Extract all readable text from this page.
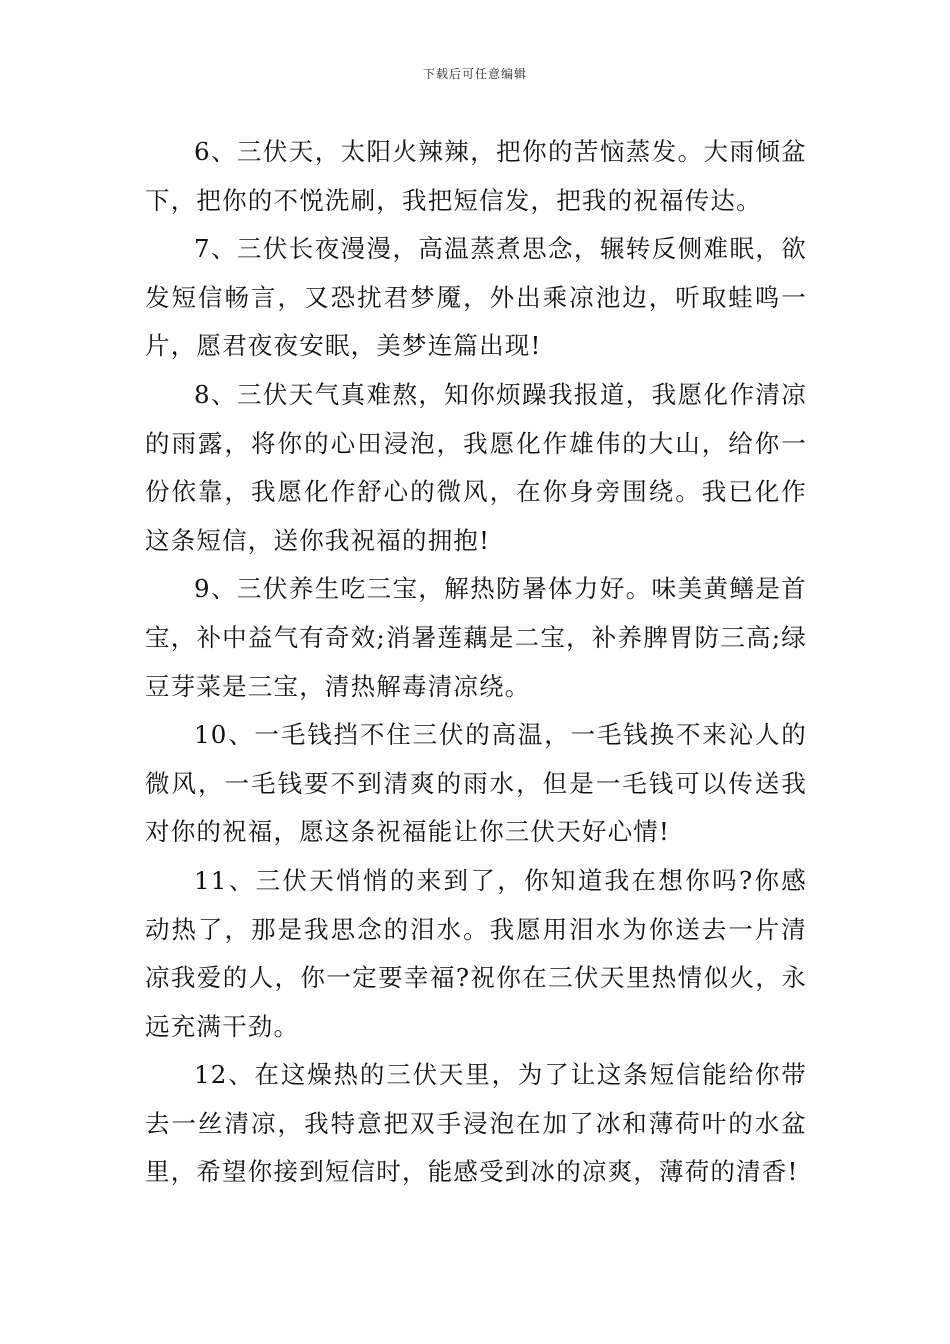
下载后可任意编辑

6、三伏天，太阳火辣辣，把你的苦恼蒸发。大雨倾盆下，把你的不悦洗刷，我把短信发，把我的祝福传达。

7、三伏长夜漫漫，高温蒸煮思念，辗转反侧难眠，欲发短信畅言，又恐扰君梦魇，外出乘凉池边，听取蛙鸣一片，愿君夜夜安眠，美梦连篇出现!

8、三伏天气真难熬，知你烦躁我报道，我愿化作清凉的雨露，将你的心田浸泡，我愿化作雄伟的大山，给你一份依靠，我愿化作舒心的微风，在你身旁围绕。我已化作这条短信，送你我祝福的拥抱!

9、三伏养生吃三宝，解热防暑体力好。味美黄鳝是首宝，补中益气有奇效;消暑莲藕是二宝，补养脾胃防三高;绿豆芽菜是三宝，清热解毒清凉绕。

10、一毛钱挡不住三伏的高温，一毛钱换不来沁人的微风，一毛钱要不到清爽的雨水，但是一毛钱可以传送我对你的祝福，愿这条祝福能让你三伏天好心情!

11、三伏天悄悄的来到了，你知道我在想你吗?你感动热了，那是我思念的泪水。我愿用泪水为你送去一片清凉我爱的人，你一定要幸福?祝你在三伏天里热情似火，永远充满干劲。

12、在这燥热的三伏天里，为了让这条短信能给你带去一丝清凉，我特意把双手浸泡在加了冰和薄荷叶的水盆里，希望你接到短信时，能感受到冰的凉爽，薄荷的清香!
